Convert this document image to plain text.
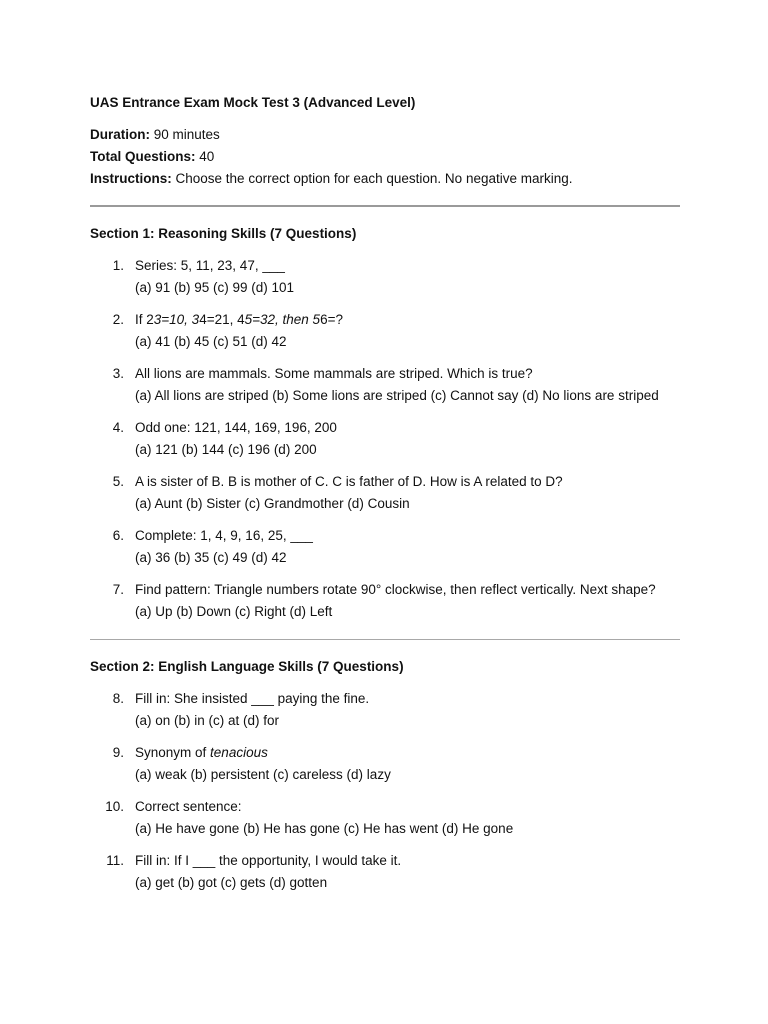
UAS Entrance Exam Mock Test 3 (Advanced Level)
Duration: 90 minutes
Total Questions: 40
Instructions: Choose the correct option for each question. No negative marking.
Section 1: Reasoning Skills (7 Questions)
1. Series: 5, 11, 23, 47, ___
(a) 91 (b) 95 (c) 99 (d) 101
2. If 23=10, 34=21, 45=32, then 56=?
(a) 41 (b) 45 (c) 51 (d) 42
3. All lions are mammals. Some mammals are striped. Which is true?
(a) All lions are striped (b) Some lions are striped (c) Cannot say (d) No lions are striped
4. Odd one: 121, 144, 169, 196, 200
(a) 121 (b) 144 (c) 196 (d) 200
5. A is sister of B. B is mother of C. C is father of D. How is A related to D?
(a) Aunt (b) Sister (c) Grandmother (d) Cousin
6. Complete: 1, 4, 9, 16, 25, ___
(a) 36 (b) 35 (c) 49 (d) 42
7. Find pattern: Triangle numbers rotate 90° clockwise, then reflect vertically. Next shape?
(a) Up (b) Down (c) Right (d) Left
Section 2: English Language Skills (7 Questions)
8. Fill in: She insisted ___ paying the fine.
(a) on (b) in (c) at (d) for
9. Synonym of tenacious
(a) weak (b) persistent (c) careless (d) lazy
10. Correct sentence:
(a) He have gone (b) He has gone (c) He has went (d) He gone
11. Fill in: If I ___ the opportunity, I would take it.
(a) get (b) got (c) gets (d) gotten
